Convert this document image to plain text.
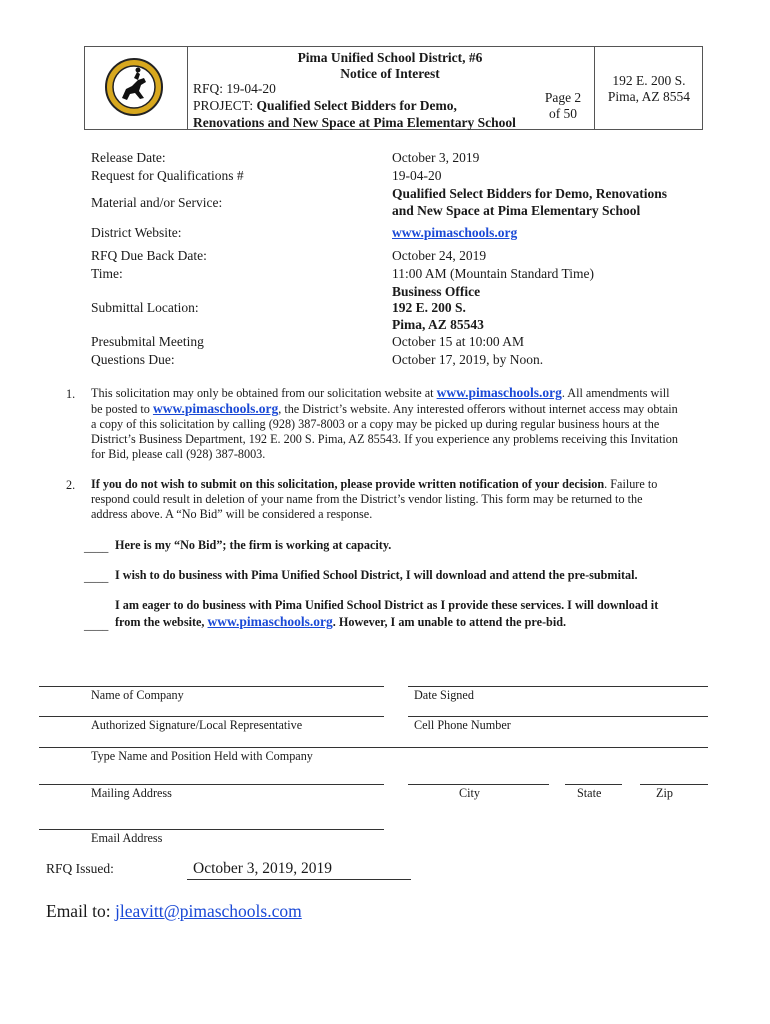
Pima Unified School District, #6
Notice of Interest
RFQ: 19-04-20
PROJECT: Qualified Select Bidders for Demo,
Renovations and New Space at Pima Elementary School
Page 2
of 50
192 E. 200 S.
Pima, AZ 8554
Release Date:	October 3, 2019
Request for Qualifications #	19-04-20
Material and/or Service:
Qualified Select Bidders for Demo, Renovations
and New Space at Pima Elementary School
District Website:	www.pimaschools.org
RFQ Due Back Date:	October 24, 2019
Time:	11:00 AM (Mountain Standard Time)
Submittal Location:
Business Office
192 E. 200 S.
Pima, AZ 85543
Presubmital Meeting	October 15 at 10:00 AM
Questions Due:	October 17, 2019, by Noon.
1. This solicitation may only be obtained from our solicitation website at www.pimaschools.org. All amendments will
be posted to www.pimaschools.org, the District’s website. Any interested offerors without internet access may obtain
a copy of this solicitation by calling (928) 387-8003 or a copy may be picked up during regular business hours at the
District’s Business Department, 192 E. 200 S. Pima, AZ 85543. If you experience any problems receiving this Invitation
for Bid, please call (928) 387-8003.
2. If you do not wish to submit on this solicitation, please provide written notification of your decision. Failure to
respond could result in deletion of your name from the District’s vendor listing. This form may be returned to the
address above. A “No Bid” will be considered a response.
____ Here is my “No Bid”; the firm is working at capacity.
____ I wish to do business with Pima Unified School District, I will download and attend the pre-submital.
I am eager to do business with Pima Unified School District as I provide these services. I will download it
____ from the website, www.pimaschools.org. However, I am unable to attend the pre-bid.
Name of Company	Date Signed
Authorized Signature/Local Representative	Cell Phone Number
Type Name and Position Held with Company
Mailing Address	City	State	Zip
Email Address
RFQ Issued:	October 3, 2019, 2019
Email to: jleavitt@pimaschools.com
